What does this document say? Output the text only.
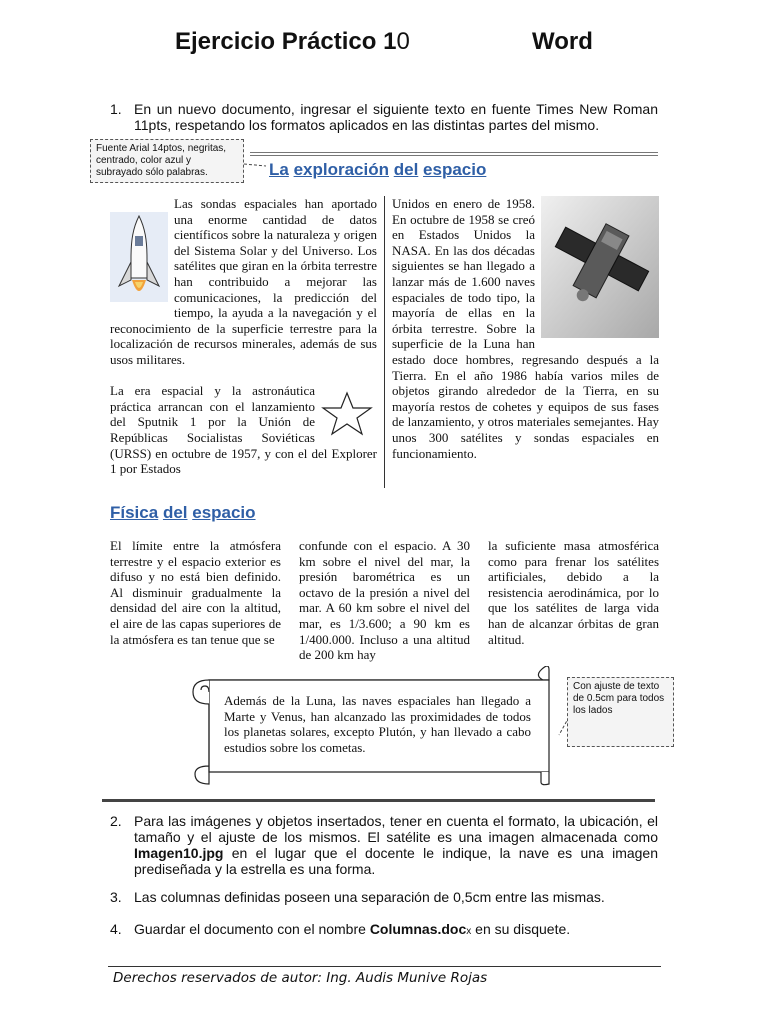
Ejercicio Práctico 10	Word
1. En un nuevo documento, ingresar el siguiente texto en fuente Times New Roman 11pts, respetando los formatos aplicados en las distintas partes del mismo.
Fuente Arial 14ptos, negritas, centrado, color azul y subrayado sólo palabras.	La exploración del espacio

Las sondas espaciales han aportado una enorme cantidad de datos científicos sobre la naturaleza y origen del Sistema Solar y del Universo. Los satélites que giran en la órbita terrestre han contribuido a mejorar las comunicaciones, la predicción del tiempo, la ayuda a la navegación y el reconocimiento de la superficie terrestre para la localización de recursos minerales, además de sus usos militares.

La era espacial y la astronáutica práctica arrancan con el lanzamiento del Sputnik 1 por la Unión de Repúblicas Socialistas Soviéticas (URSS) en octubre de 1957, y con el del Explorer 1 por Estados

Unidos en enero de 1958. En octubre de 1958 se creó en Estados Unidos la NASA. En las dos décadas siguientes se han llegado a lanzar más de 1.600 naves espaciales de todo tipo, la mayoría de ellas en la órbita terrestre. Sobre la superficie de la Luna han estado doce hombres, regresando después a la Tierra. En el año 1986 había varios miles de objetos girando alrededor de la Tierra, en su mayoría restos de cohetes y equipos de sus fases de lanzamiento, y otros materiales semejantes. Hay unos 300 satélites y sondas espaciales en funcionamiento.

Física del espacio
El límite entre la atmósfera terrestre y el espacio exterior es difuso y no está bien definido. Al disminuir gradualmente la densidad del aire con la altitud, el aire de las capas superiores de la atmósfera es tan tenue que se
confunde con el espacio. A 30 km sobre el nivel del mar, la presión barométrica es un octavo de la presión a nivel del mar. A 60 km sobre el nivel del mar, es 1/3.600; a 90 km es 1/400.000. Incluso a una altitud de 200 km hay
la suficiente masa atmosférica como para frenar los satélites artificiales, debido a la resistencia aerodinámica, por lo que los satélites de larga vida han de alcanzar órbitas de gran altitud.
Además de la Luna, las naves espaciales han llegado a Marte y Venus, han alcanzado las proximidades de todos los planetas solares, excepto Plutón, y han llevado a cabo estudios sobre los cometas.
Con ajuste de texto de 0.5cm para todos los lados
2. Para las imágenes y objetos insertados, tener en cuenta el formato, la ubicación, el tamaño y el ajuste de los mismos. El satélite es una imagen almacenada como Imagen10.jpg en el lugar que el docente le indique, la nave es una imagen prediseñada y la estrella es una forma.
3. Las columnas definidas poseen una separación de 0,5cm entre las mismas.
4. Guardar el documento con el nombre Columnas.docx en su disquete.
Derechos reservados de autor: Ing. Audis Munive Rojas
